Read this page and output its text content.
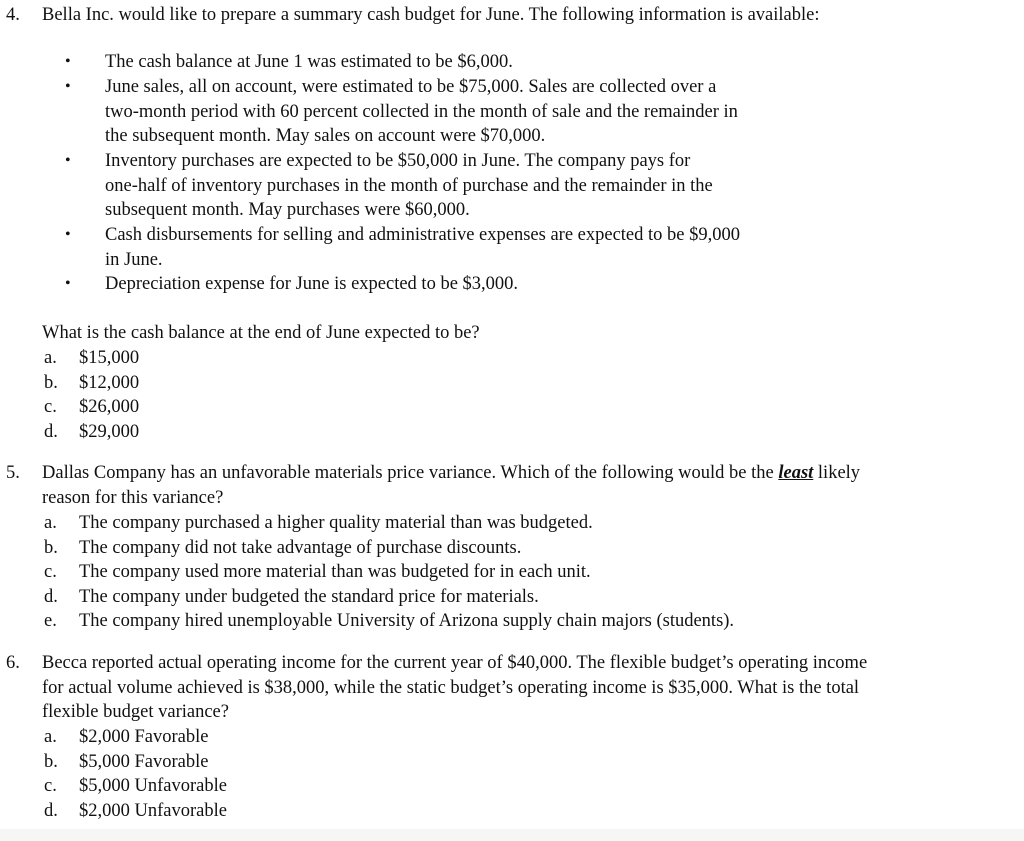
4. Bella Inc. would like to prepare a summary cash budget for June. The following information is available:
• The cash balance at June 1 was estimated to be $6,000.
• June sales, all on account, were estimated to be $75,000. Sales are collected over a
two-month period with 60 percent collected in the month of sale and the remainder in
the subsequent month. May sales on account were $70,000.
• Inventory purchases are expected to be $50,000 in June. The company pays for
one-half of inventory purchases in the month of purchase and the remainder in the
subsequent month. May purchases were $60,000.
• Cash disbursements for selling and administrative expenses are expected to be $9,000
in June.
• Depreciation expense for June is expected to be $3,000.
What is the cash balance at the end of June expected to be?
a. $15,000
b. $12,000
c. $26,000
d. $29,000
5. Dallas Company has an unfavorable materials price variance. Which of the following would be the least likely
reason for this variance?
a. The company purchased a higher quality material than was budgeted.
b. The company did not take advantage of purchase discounts.
c. The company used more material than was budgeted for in each unit.
d. The company under budgeted the standard price for materials.
e. The company hired unemployable University of Arizona supply chain majors (students).
6. Becca reported actual operating income for the current year of $40,000. The flexible budget’s operating income
for actual volume achieved is $38,000, while the static budget’s operating income is $35,000. What is the total
flexible budget variance?
a. $2,000 Favorable
b. $5,000 Favorable
c. $5,000 Unfavorable
d. $2,000 Unfavorable
